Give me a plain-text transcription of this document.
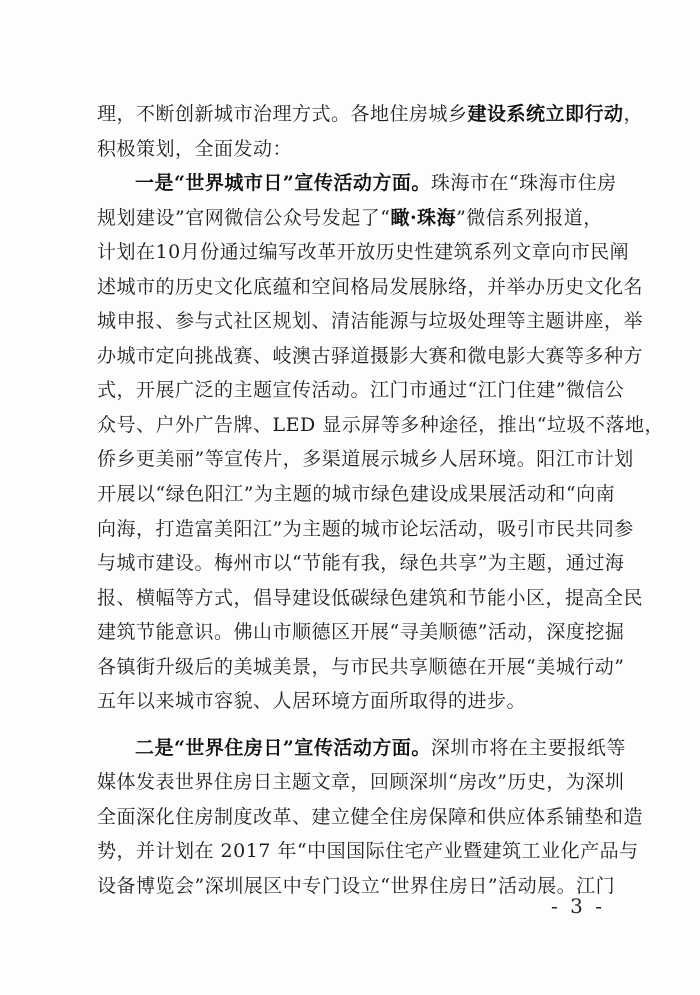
理，不断创新城市治理方式。各地住房城乡建设系统立即行动，
积极策划，全面发动：
一是“世界城市日”宣传活动方面。珠海市在“珠海市住房
规划建设”官网微信公众号发起了“瞰·珠海”微信系列报道，
计划在10月份通过编写改革开放历史性建筑系列文章向市民阐
述城市的历史文化底蕴和空间格局发展脉络，并举办历史文化名
城申报、参与式社区规划、清洁能源与垃圾处理等主题讲座，举
办城市定向挑战赛、岐澳古驿道摄影大赛和微电影大赛等多种方
式，开展广泛的主题宣传活动。江门市通过“江门住建”微信公
众号、户外广告牌、LED 显示屏等多种途径，推出“垃圾不落地，
侨乡更美丽”等宣传片，多渠道展示城乡人居环境。阳江市计划
开展以“绿色阳江”为主题的城市绿色建设成果展活动和“向南
向海，打造富美阳江”为主题的城市论坛活动，吸引市民共同参
与城市建设。梅州市以“节能有我，绿色共享”为主题，通过海
报、横幅等方式，倡导建设低碳绿色建筑和节能小区，提高全民
建筑节能意识。佛山市顺德区开展“寻美顺德”活动，深度挖掘
各镇街升级后的美城美景，与市民共享顺德在开展“美城行动”
五年以来城市容貌、人居环境方面所取得的进步。
二是“世界住房日”宣传活动方面。深圳市将在主要报纸等
媒体发表世界住房日主题文章，回顾深圳“房改”历史，为深圳
全面深化住房制度改革、建立健全住房保障和供应体系铺垫和造
势，并计划在 2017 年“中国国际住宅产业暨建筑工业化产品与
设备博览会”深圳展区中专门设立“世界住房日”活动展。江门
- 3 -
